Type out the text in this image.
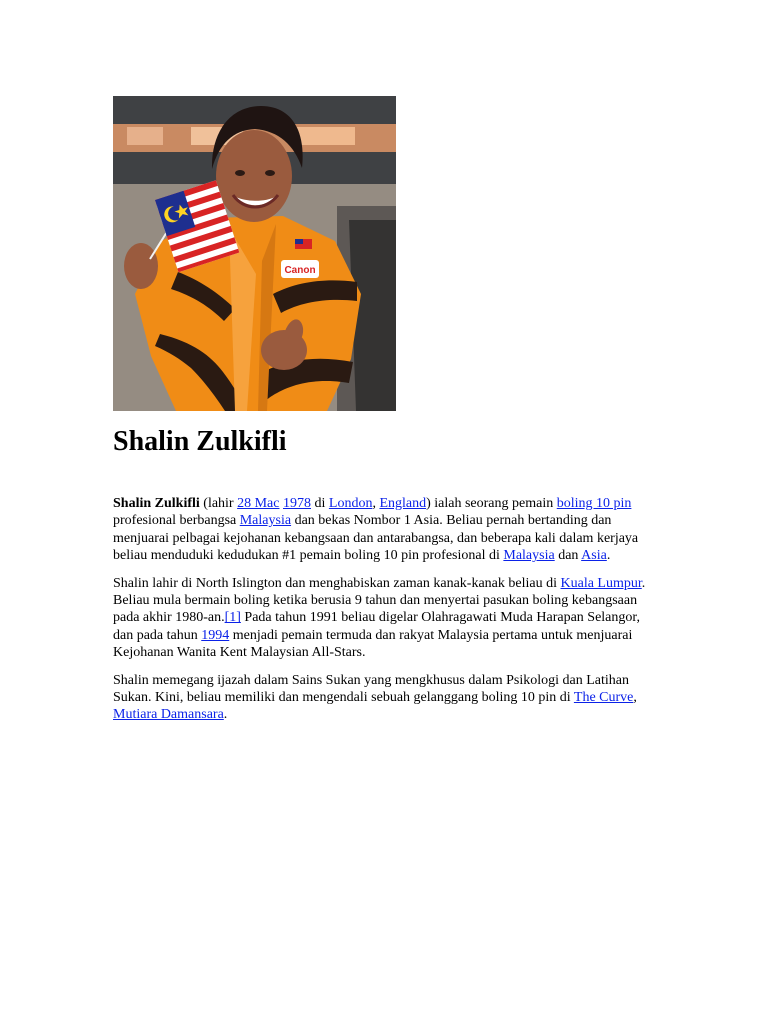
Canon
Shalin Zulkifli

Shalin Zulkifli (lahir 28 Mac 1978 di London, England) ialah seorang pemain boling 10 pin profesional berbangsa Malaysia dan bekas Nombor 1 Asia. Beliau pernah bertanding dan menjuarai pelbagai kejohanan kebangsaan dan antarabangsa, dan beberapa kali dalam kerjaya beliau menduduki kedudukan #1 pemain boling 10 pin profesional di Malaysia dan Asia.

Shalin lahir di North Islington dan menghabiskan zaman kanak-kanak beliau di Kuala Lumpur. Beliau mula bermain boling ketika berusia 9 tahun dan menyertai pasukan boling kebangsaan pada akhir 1980-an.[1] Pada tahun 1991 beliau digelar Olahragawati Muda Harapan Selangor, dan pada tahun 1994 menjadi pemain termuda dan rakyat Malaysia pertama untuk menjuarai Kejohanan Wanita Kent Malaysian All-Stars.

Shalin memegang ijazah dalam Sains Sukan yang mengkhusus dalam Psikologi dan Latihan Sukan. Kini, beliau memiliki dan mengendali sebuah gelanggang boling 10 pin di The Curve, Mutiara Damansara.
